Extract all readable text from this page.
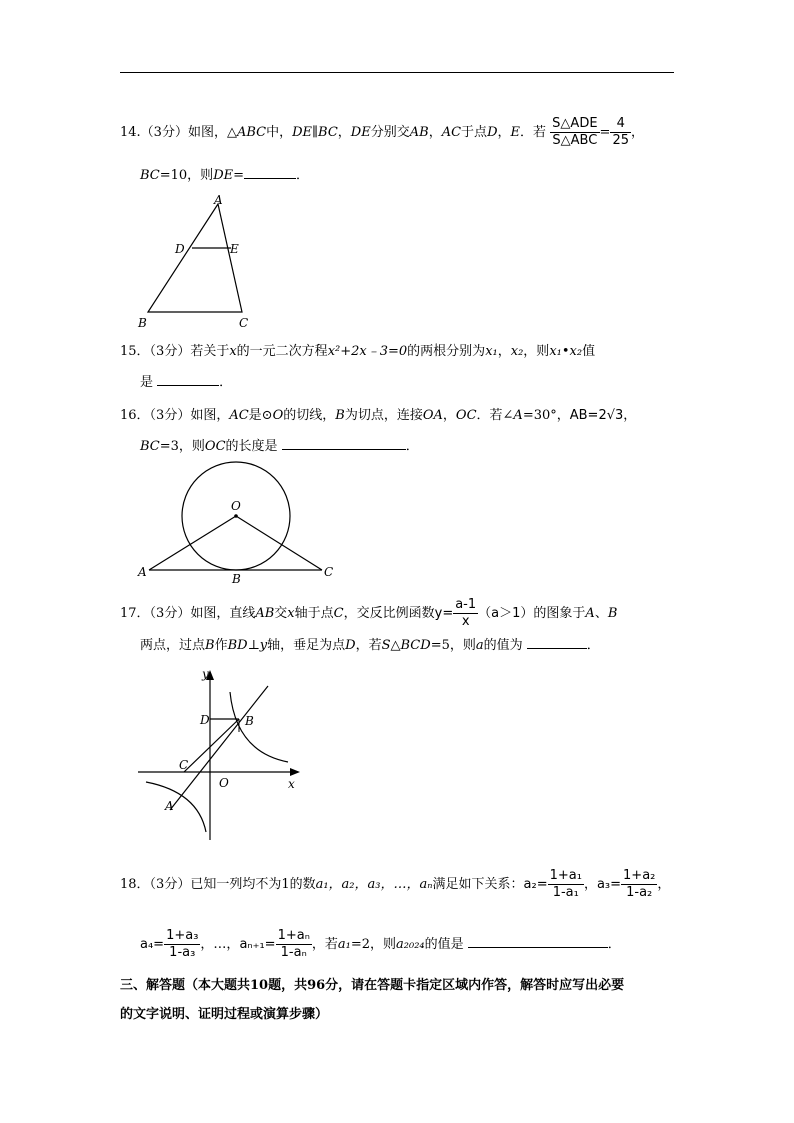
14.（3分）如图，△ABC中，DE∥BC，DE分别交AB，AC于点D，E．若 $\frac{\text{S△ADE}}{\text{S△ABC}} = \frac{4}{25}$ ，
BC=10，则DE=	．
A
D	E
B	C
15．（3分）若关于x的一元二次方程x²+2x﹣3=0的两根分别为x₁，x₂，则x₁•x₂值
是	．
16．（3分）如图，AC是⊙O的切线，B为切点，连接OA，OC．若∠A=30°，AB=2√3，
BC=3，则OC的长度是	．
O
A	B	C
17．（3分）如图，直线AB交x轴于点C，交反比例函数$y= \frac{a-1}{x} (a>1)$的图象于A、B
两点，过点B作BD⊥y轴，垂足为点D，若S△BCD=5，则a的值为	．
y
x
O
D	B
C
A
18．（3分）已知一列均不为1的数a₁，a₂，a₃，…，aₙ满足如下关系：$a_2= \frac{\text{1+a₁}}{\text{1-a₁}}$ ，$a_3= \frac{\text{1+a₂}}{\text{1-a₂}}$ ，
$a_4= \frac{\text{1+a₃}}{\text{1-a₃}}$ ，…，$a_{n+1}= \frac{\text{1+aₙ}}{\text{1-aₙ}}$ ，若a₁=2，则a₂₀₂₄的值是	．
三、解答题（本大题共10题，共96分，请在答题卡指定区域内作答，解答时应写出必要
的文字说明、证明过程或演算步骤）
